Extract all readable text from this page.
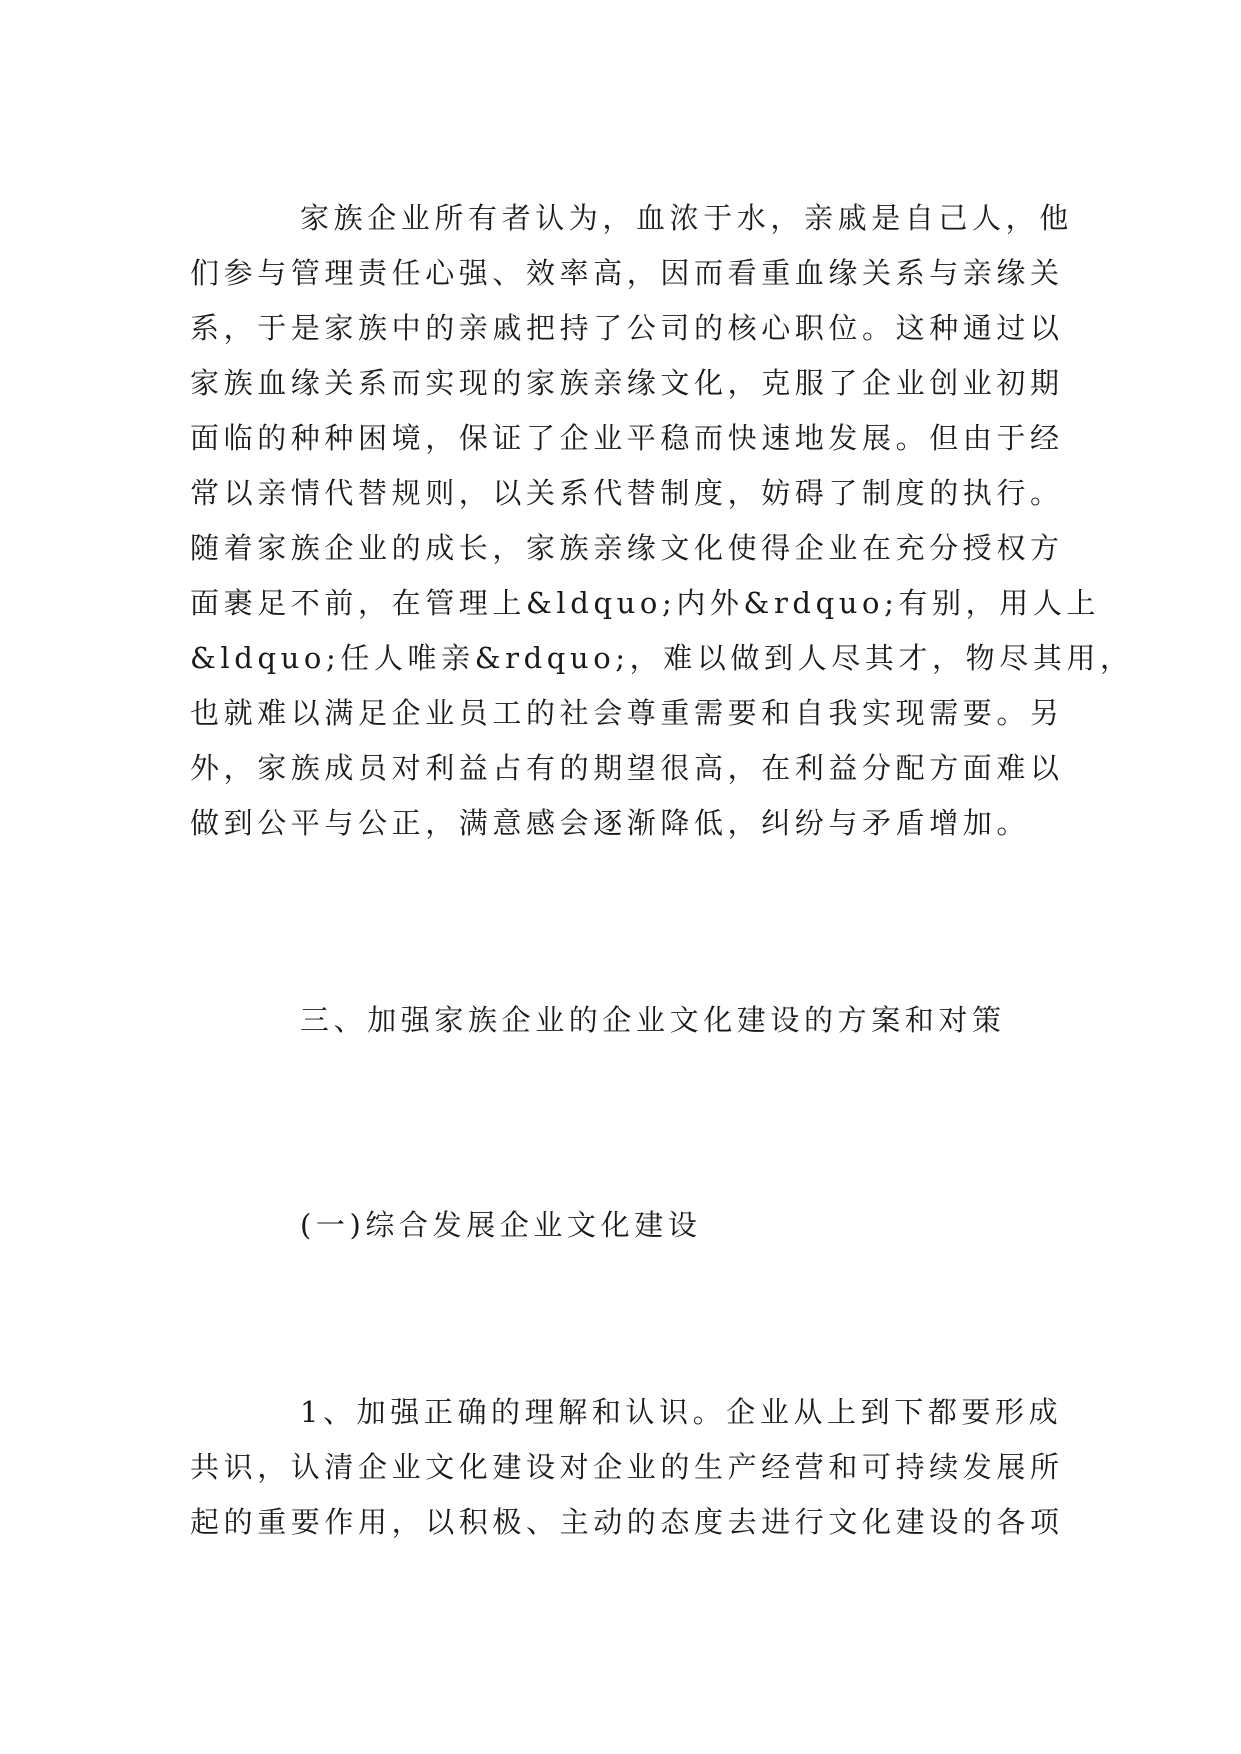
家族企业所有者认为，血浓于水，亲戚是自己人，他
们参与管理责任心强、效率高，因而看重血缘关系与亲缘关
系，于是家族中的亲戚把持了公司的核心职位。这种通过以
家族血缘关系而实现的家族亲缘文化，克服了企业创业初期
面临的种种困境，保证了企业平稳而快速地发展。但由于经
常以亲情代替规则，以关系代替制度，妨碍了制度的执行。
随着家族企业的成长，家族亲缘文化使得企业在充分授权方
面裹足不前，在管理上&ldquo;内外&rdquo;有别，用人上
&ldquo;任人唯亲&rdquo;，难以做到人尽其才，物尽其用，
也就难以满足企业员工的社会尊重需要和自我实现需要。另
外，家族成员对利益占有的期望很高，在利益分配方面难以
做到公平与公正，满意感会逐渐降低，纠纷与矛盾增加。
三、加强家族企业的企业文化建设的方案和对策
(一)综合发展企业文化建设
1、加强正确的理解和认识。企业从上到下都要形成
共识，认清企业文化建设对企业的生产经营和可持续发展所
起的重要作用，以积极、主动的态度去进行文化建设的各项
